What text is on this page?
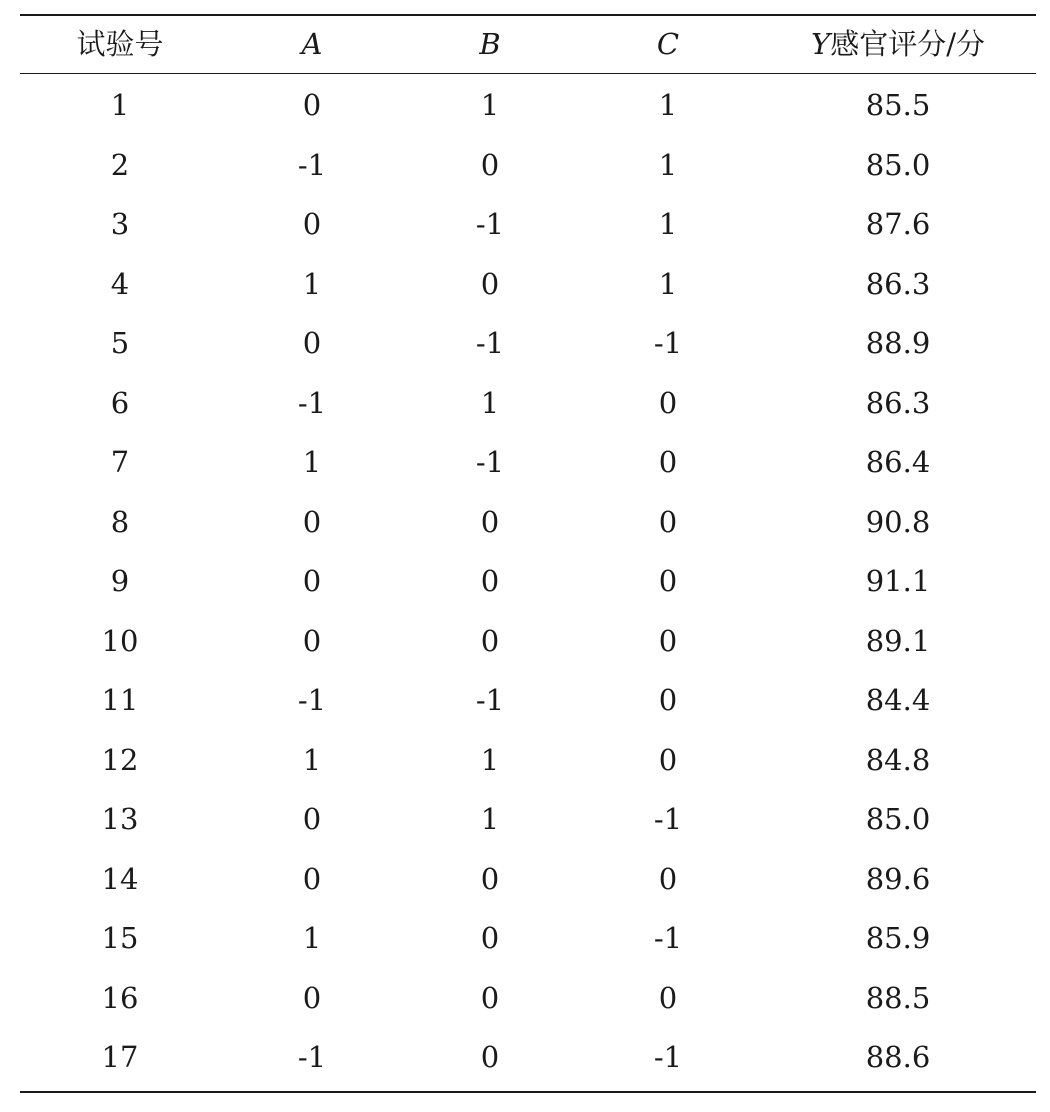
试验号	A	B	C	Y感官评分/分
1	0	1	1	85.5
2	-1	0	1	85.0
3	0	-1	1	87.6
4	1	0	1	86.3
5	0	-1	-1	88.9
6	-1	1	0	86.3
7	1	-1	0	86.4
8	0	0	0	90.8
9	0	0	0	91.1
10	0	0	0	89.1
11	-1	-1	0	84.4
12	1	1	0	84.8
13	0	1	-1	85.0
14	0	0	0	89.6
15	1	0	-1	85.9
16	0	0	0	88.5
17	-1	0	-1	88.6
